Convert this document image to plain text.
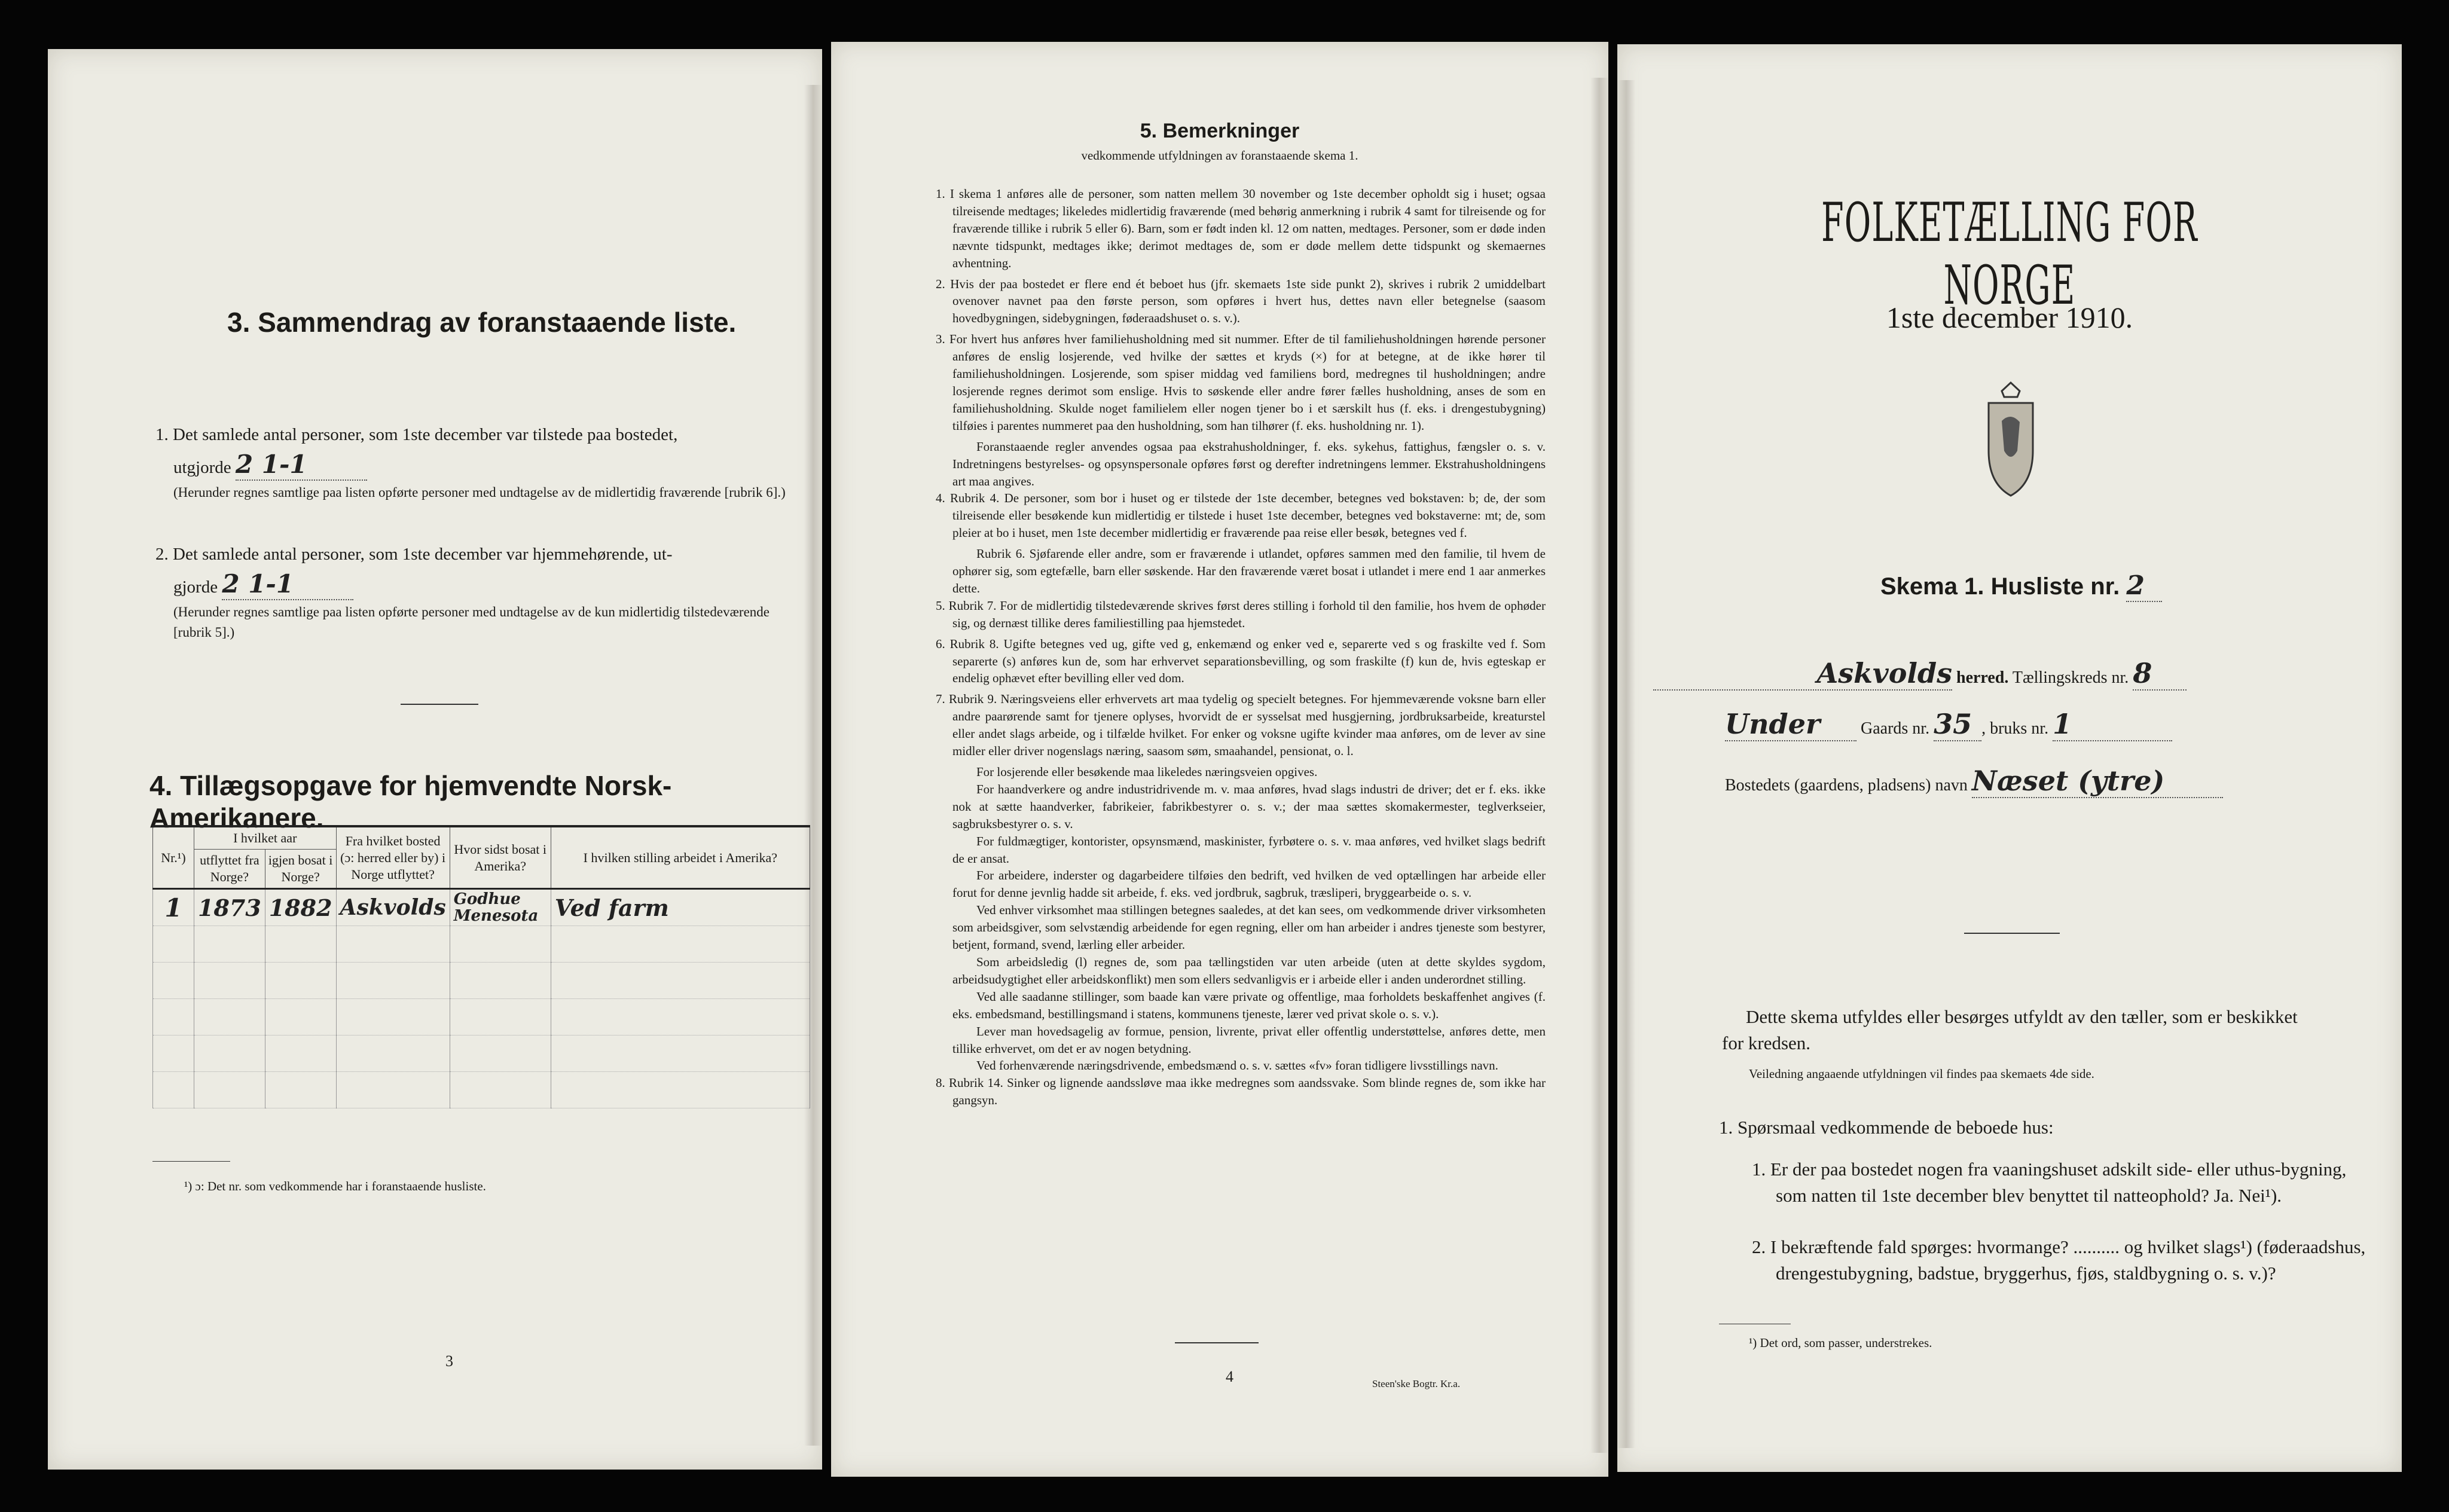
3. Sammendrag av foranstaaende liste.
1. Det samlede antal personer, som 1ste december var tilstede paa bostedet,
utgjorde 2 1-1
(Herunder regnes samtlige paa listen opførte personer med undtagelse av de midlertidig fraværende [rubrik 6].)
2. Det samlede antal personer, som 1ste december var hjemmehørende, ut-
gjorde 2 1-1
(Herunder regnes samtlige paa listen opførte personer med undtagelse av de kun midlertidig tilstedeværende [rubrik 5].)
4. Tillægsopgave for hjemvendte Norsk-Amerikanere.
Nr.¹)	I hvilket aar		Fra hvilket bosted (ɔ: herred eller by) i Norge utflyttet?	Hvor sidst bosat i Amerika?	I hvilken stilling arbeidet i Amerika?
	utflyttet fra Norge?	igjen bosat i Norge?			
1	1873	1882	Askvolds	Godhue Menesota	Ved farm

¹) ɔ: Det nr. som vedkommende har i foranstaaende husliste.
3
5. Bemerkninger
vedkommende utfyldningen av foranstaaende skema 1.

1. I skema 1 anføres alle de personer, som natten mellem 30 november og 1ste december opholdt sig i huset; ogsaa tilreisende medtages; likeledes midlertidig fraværende (med behørig anmerkning i rubrik 4 samt for tilreisende og for fraværende tillike i rubrik 5 eller 6). Barn, som er født inden kl. 12 om natten, medtages. Personer, som er døde inden nævnte tidspunkt, medtages ikke; derimot medtages de, som er døde mellem dette tidspunkt og skemaernes avhentning.

2. Hvis der paa bostedet er flere end ét beboet hus (jfr. skemaets 1ste side punkt 2), skrives i rubrik 2 umiddelbart ovenover navnet paa den første person, som opføres i hvert hus, dettes navn eller betegnelse (saasom hovedbygningen, sidebygningen, føderaadshuset o. s. v.).

3. For hvert hus anføres hver familiehusholdning med sit nummer. Efter de til familiehusholdningen hørende personer anføres de enslig losjerende, ved hvilke der sættes et kryds (×) for at betegne, at de ikke hører til familiehusholdningen. Losjerende, som spiser middag ved familiens bord, medregnes til husholdningen; andre losjerende regnes derimot som enslige. Hvis to søskende eller andre fører fælles husholdning, anses de som en familiehusholdning. Skulde noget familielem eller nogen tjener bo i et særskilt hus (f. eks. i drengestubygning) tilføies i parentes nummeret paa den husholdning, som han tilhører (f. eks. husholdning nr. 1).

Foranstaaende regler anvendes ogsaa paa ekstrahusholdninger, f. eks. sykehus, fattighus, fængsler o. s. v. Indretningens bestyrelses- og opsynspersonale opføres først og derefter indretningens lemmer. Ekstrahusholdningens art maa angives.

4. Rubrik 4. De personer, som bor i huset og er tilstede der 1ste december, betegnes ved bokstaven: b; de, der som tilreisende eller besøkende kun midlertidig er tilstede i huset 1ste december, betegnes ved bokstaverne: mt; de, som pleier at bo i huset, men 1ste december midlertidig er fraværende paa reise eller besøk, betegnes ved f.

Rubrik 6. Sjøfarende eller andre, som er fraværende i utlandet, opføres sammen med den familie, til hvem de ophører sig, som egtefælle, barn eller søskende. Har den fraværende været bosat i utlandet i mere end 1 aar anmerkes dette.

5. Rubrik 7. For de midlertidig tilstedeværende skrives først deres stilling i forhold til den familie, hos hvem de ophøder sig, og dernæst tillike deres familiestilling paa hjemstedet.

6. Rubrik 8. Ugifte betegnes ved ug, gifte ved g, enkemænd og enker ved e, separerte ved s og fraskilte ved f. Som separerte (s) anføres kun de, som har erhvervet separationsbevilling, og som fraskilte (f) kun de, hvis egteskap er endelig ophævet efter bevilling eller ved dom.

7. Rubrik 9. Næringsveiens eller erhvervets art maa tydelig og specielt betegnes. For hjemmeværende voksne barn eller andre paarørende samt for tjenere oplyses, hvorvidt de er sysselsat med husgjerning, jordbruksarbeide, kreaturstel eller andet slags arbeide, og i tilfælde hvilket. For enker og voksne ugifte kvinder maa anføres, om de lever av sine midler eller driver nogenslags næring, saasom søm, smaahandel, pensionat, o. l.

For losjerende eller besøkende maa likeledes næringsveien opgives.

For haandverkere og andre industridrivende m. v. maa anføres, hvad slags industri de driver; det er f. eks. ikke nok at sætte haandverker, fabrikeier, fabrikbestyrer o. s. v.; der maa sættes skomakermester, teglverkseier, sagbruksbestyrer o. s. v.

For fuldmægtiger, kontorister, opsynsmænd, maskinister, fyrbøtere o. s. v. maa anføres, ved hvilket slags bedrift de er ansat.

For arbeidere, inderster og dagarbeidere tilføies den bedrift, ved hvilken de ved optællingen har arbeide eller forut for denne jevnlig hadde sit arbeide, f. eks. ved jordbruk, sagbruk, træsliperi, bryggearbeide o. s. v.

Ved enhver virksomhet maa stillingen betegnes saaledes, at det kan sees, om vedkommende driver virksomheten som arbeidsgiver, som selvstændig arbeidende for egen regning, eller om han arbeider i andres tjeneste som bestyrer, betjent, formand, svend, lærling eller arbeider.

Som arbeidsledig (l) regnes de, som paa tællingstiden var uten arbeide (uten at dette skyldes sygdom, arbeidsudygtighet eller arbeidskonflikt) men som ellers sedvanligvis er i arbeide eller i anden underordnet stilling.

Ved alle saadanne stillinger, som baade kan være private og offentlige, maa forholdets beskaffenhet angives (f. eks. embedsmand, bestillingsmand i statens, kommunens tjeneste, lærer ved privat skole o. s. v.).

Lever man hovedsagelig av formue, pension, livrente, privat eller offentlig understøttelse, anføres dette, men tillike erhvervet, om det er av nogen betydning.

Ved forhenværende næringsdrivende, embedsmænd o. s. v. sættes «fv» foran tidligere livsstillings navn.

8. Rubrik 14. Sinker og lignende aandssløve maa ikke medregnes som aandssvake. Som blinde regnes de, som ikke har gangsyn.

4	Steen'ske Bogtr. Kr.a.
FOLKETÆLLING FOR NORGE
1ste december 1910.
Skema 1. Husliste nr. 2
Askvolds herred. Tællingskreds nr. 8
Under Gaards nr. 35 , bruks nr. 1
Bostedets (gaardens, pladsens) navn Næset (ytre)
Dette skema utfyldes eller besørges utfyldt av den tæller, som er beskikket for kredsen.
Veiledning angaaende utfyldningen vil findes paa skemaets 4de side.
1. Spørsmaal vedkommende de beboede hus:
1. Er der paa bostedet nogen fra vaaningshuset adskilt side- eller uthus-bygning, som natten til 1ste december blev benyttet til natteophold? Ja. Nei¹).
2. I bekræftende fald spørges: hvormange? .......... og hvilket slags¹) (føderaadshus, drengestubygning, badstue, bryggerhus, fjøs, staldbygning o. s. v.)?
¹) Det ord, som passer, understrekes.
